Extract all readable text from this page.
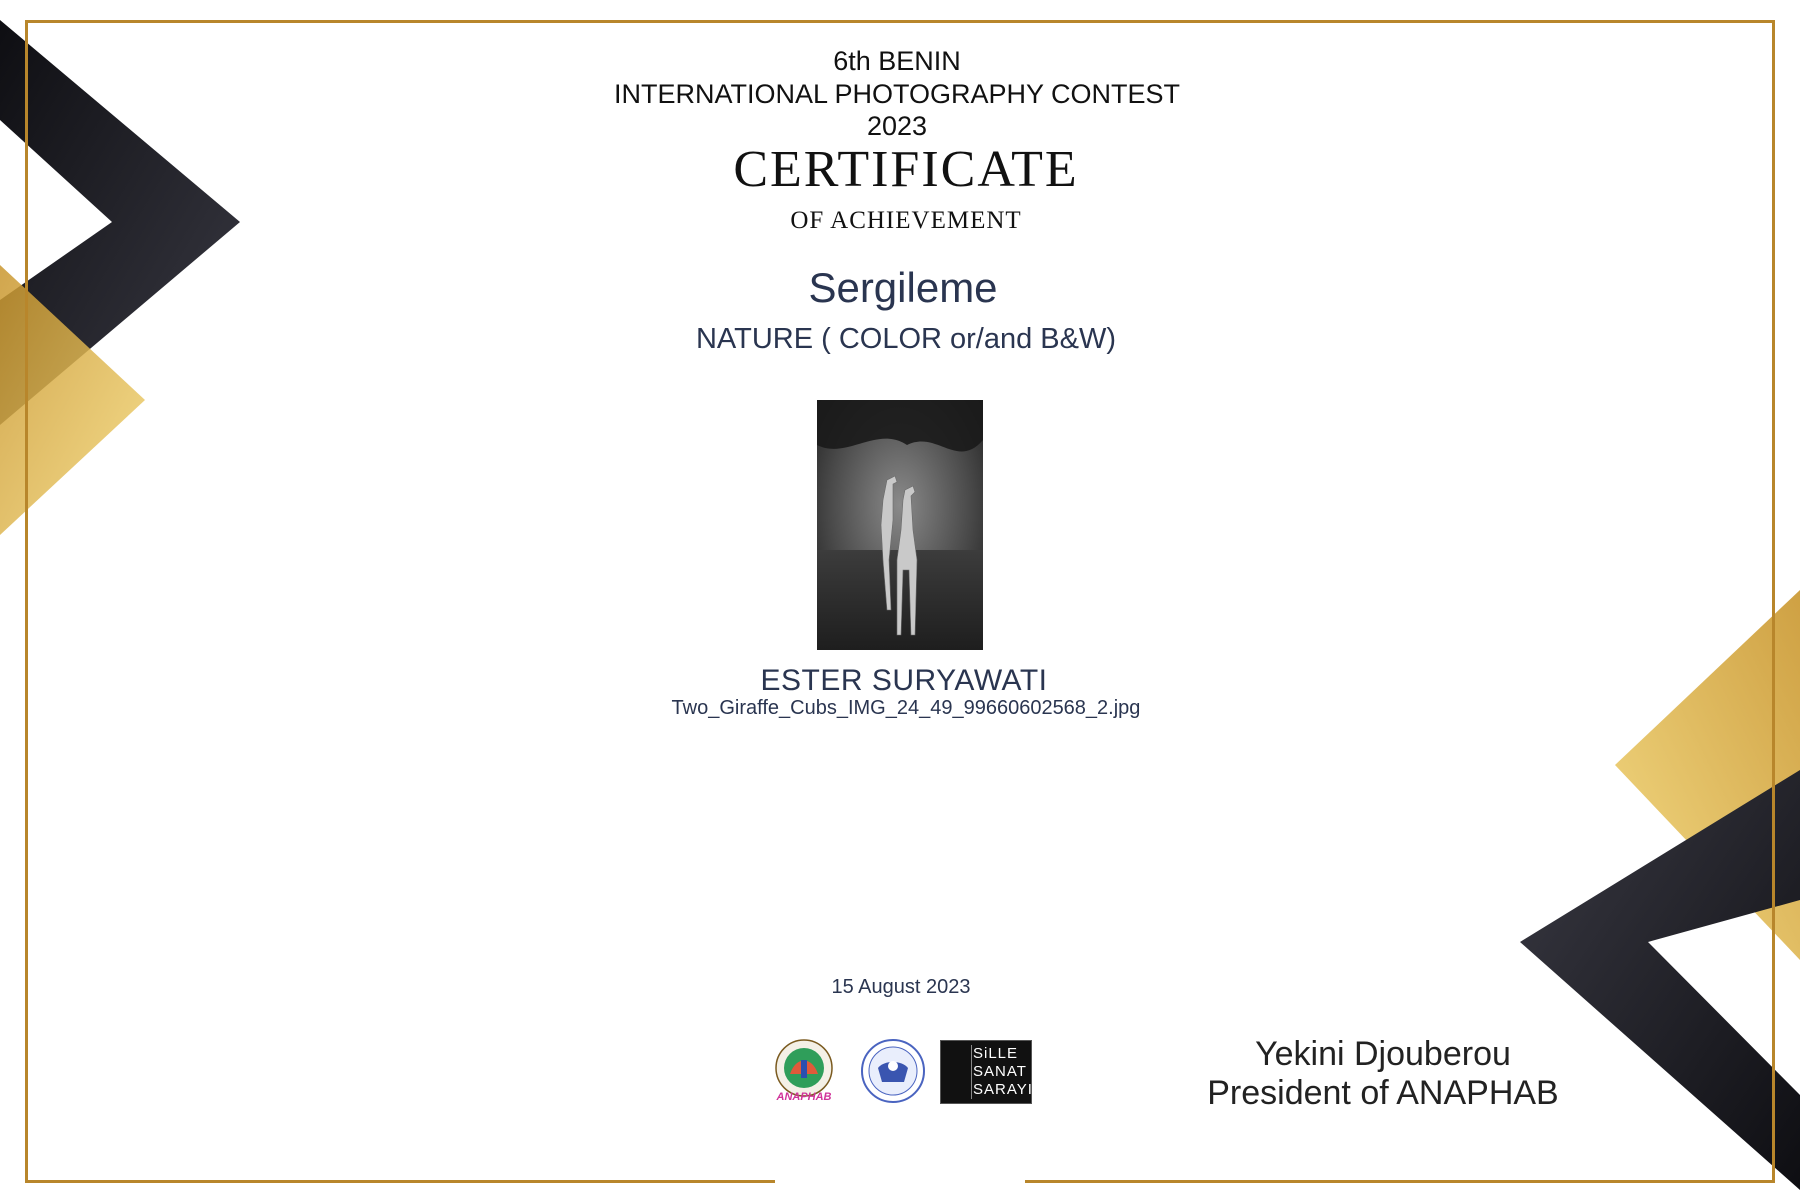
6th BENIN
INTERNATIONAL PHOTOGRAPHY CONTEST
2023
CERTIFICATE
OF ACHIEVEMENT
Sergileme
NATURE ( COLOR or/and B&W)
ESTER SURYAWATI
Two_Giraffe_Cubs_IMG_24_49_99660602568_2.jpg
15 August 2023
ANAPHAB
SiLLE
SANAT
SARAYI
Yekini Djouberou
President of ANAPHAB
